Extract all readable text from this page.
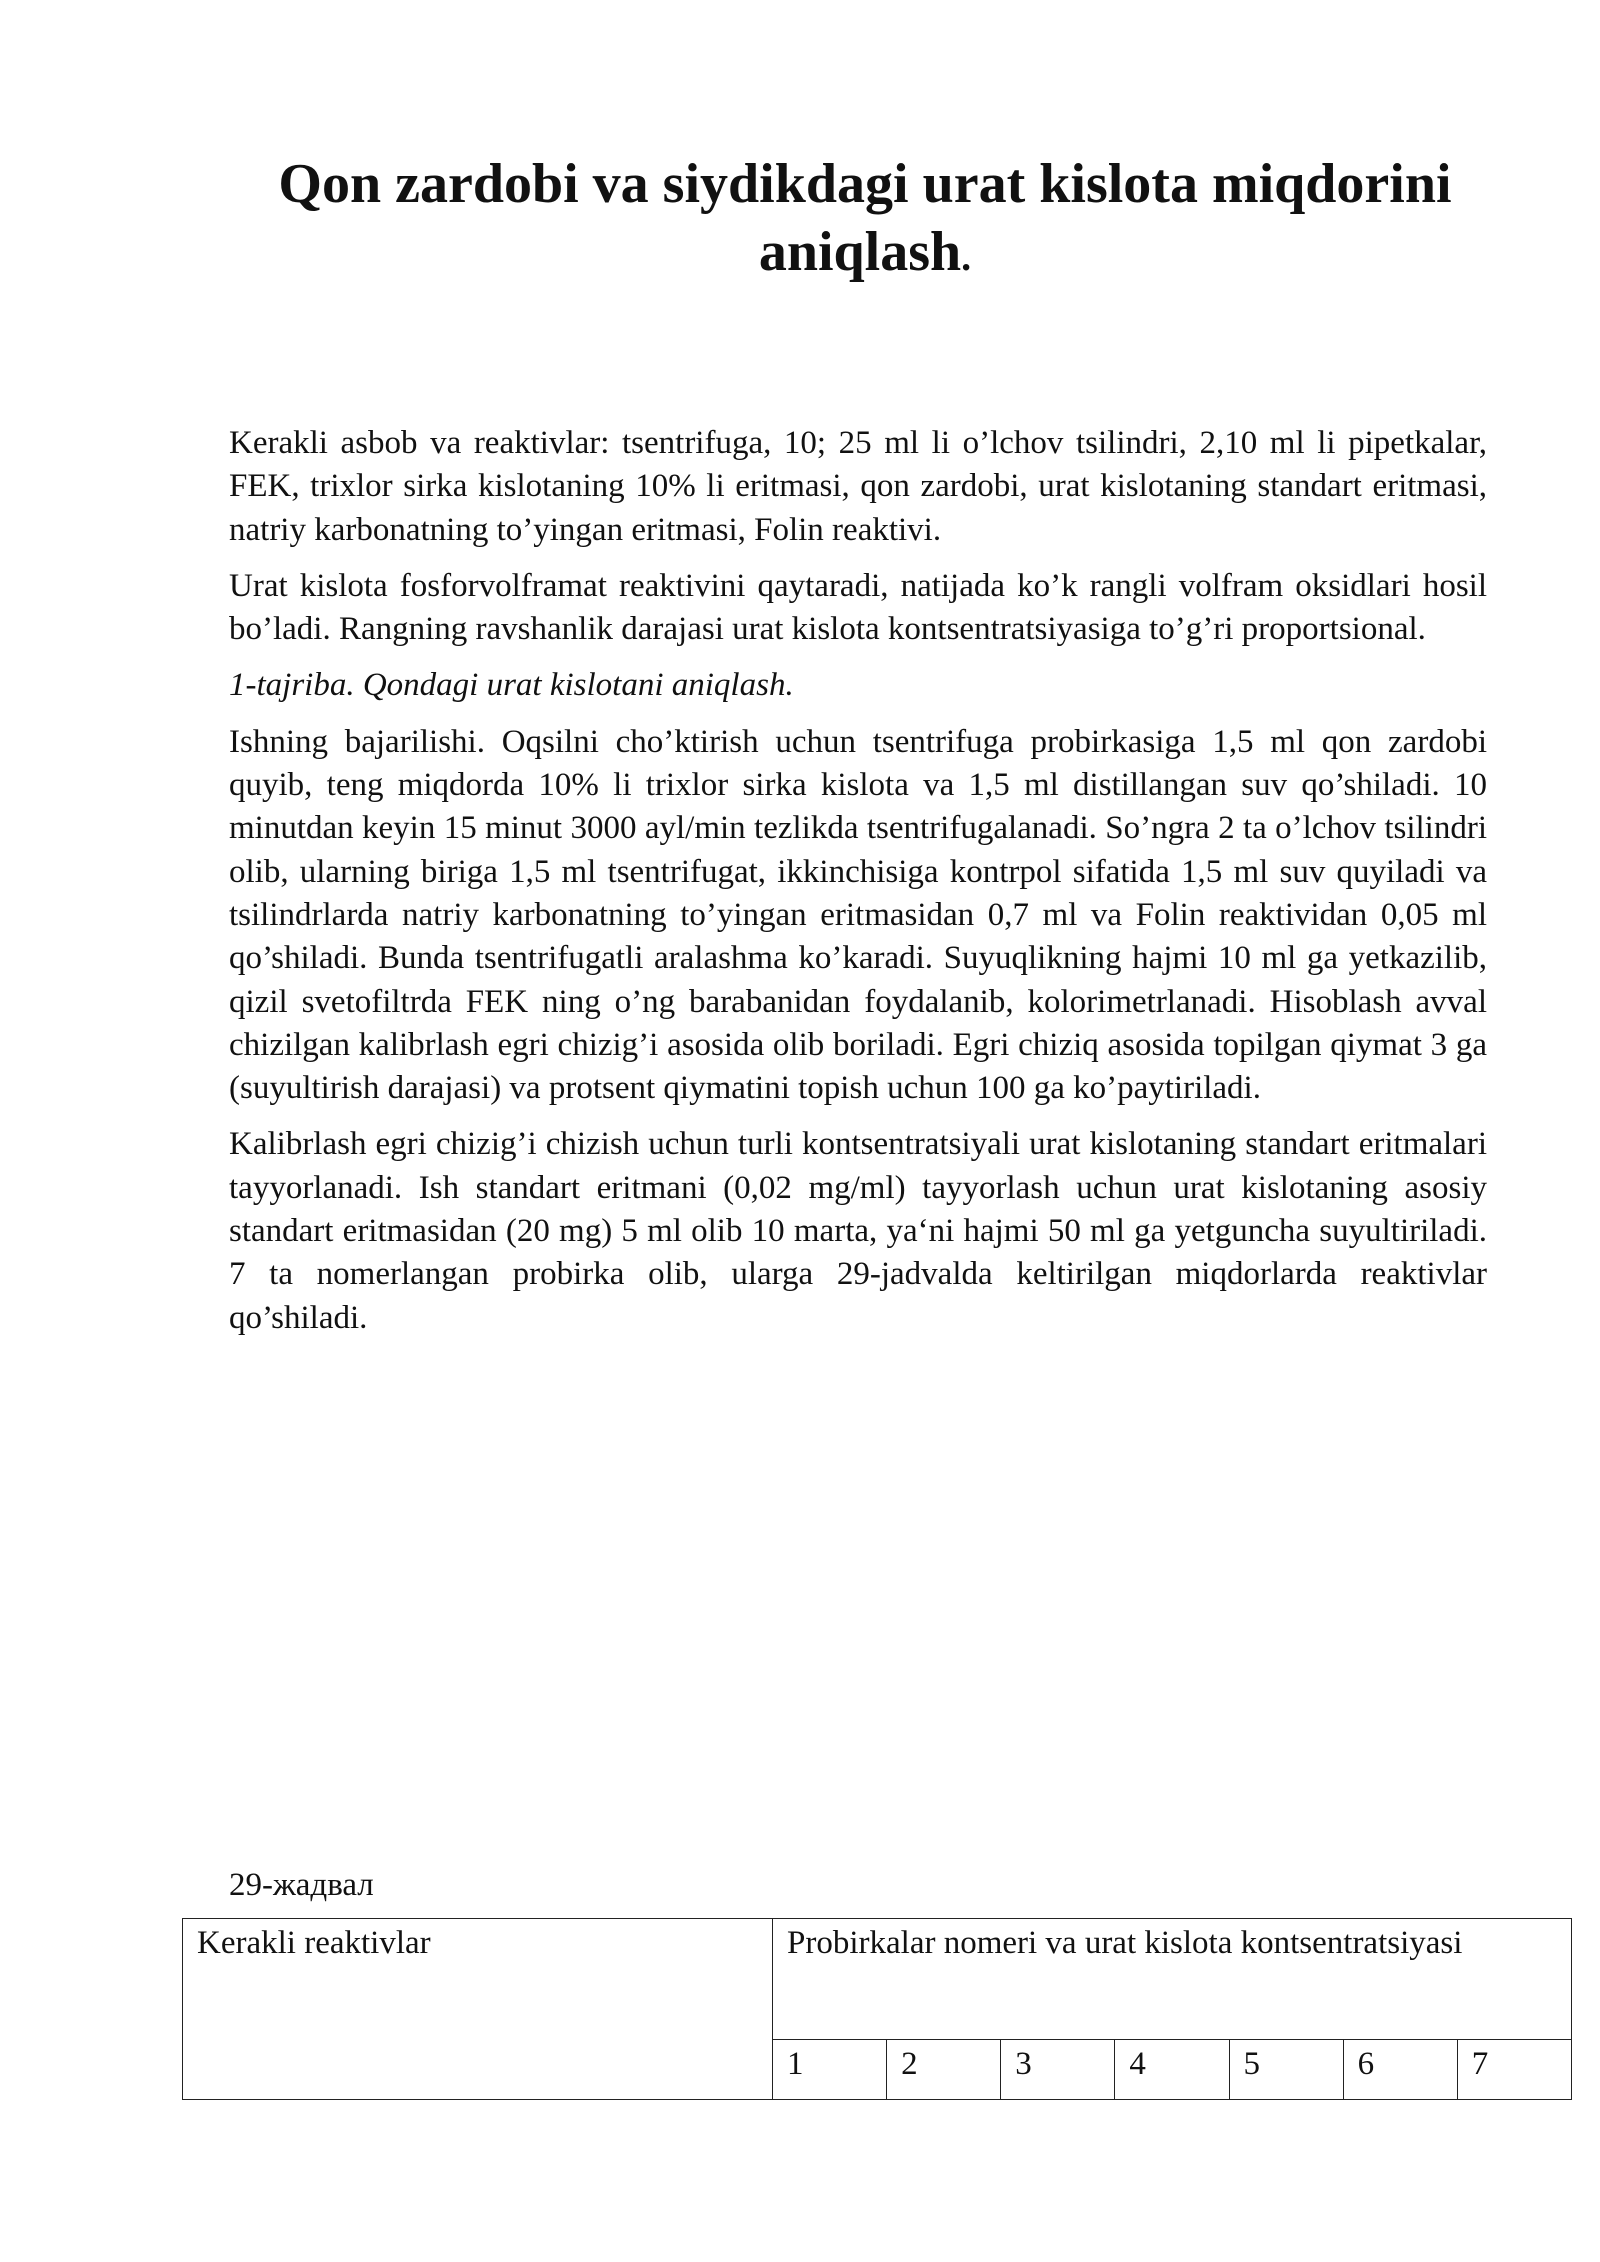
Qon zardobi va siydikdagi urat kislota miqdorini aniqlash.

Kerakli asbob va reaktivlar: tsentrifuga, 10; 25 ml li o’lchov tsilindri, 2,10 ml li pipetkalar, FEK, trixlor sirka kislotaning 10% li eritmasi, qon zardobi, urat kislotaning standart eritmasi, natriy karbonatning to’yingan eritmasi, Folin reaktivi.

Urat kislota fosforvolframat reaktivini qaytaradi, natijada ko’k rangli volfram oksidlari hosil bo’ladi. Rangning ravshanlik darajasi urat kislota kontsentratsiyasiga to’g’ri proportsional.

1-tajriba. Qondagi urat kislotani aniqlash.

Ishning bajarilishi. Oqsilni cho’ktirish uchun tsentrifuga probirkasiga 1,5 ml qon zardobi quyib, teng miqdorda 10% li trixlor sirka kislota va 1,5 ml distillangan suv qo’shiladi. 10 minutdan keyin 15 minut 3000 ayl/min tezlikda tsentrifugalanadi. So’ngra 2 ta o’lchov tsilindri olib, ularning biriga 1,5 ml tsentrifugat, ikkinchisiga kontrpol sifatida 1,5 ml suv quyiladi va tsilindrlarda natriy karbonatning to’yingan eritmasidan 0,7 ml va Folin reaktividan 0,05 ml qo’shiladi. Bunda tsentrifugatli aralashma ko’karadi. Suyuqlikning hajmi 10 ml ga yetkazilib, qizil svetofiltrda FEK ning o’ng barabanidan foydalanib, kolorimetrlanadi. Hisoblash avval chizilgan kalibrlash egri chizig’i asosida olib boriladi. Egri chiziq asosida topilgan qiymat 3 ga (suyultirish darajasi) va protsent qiymatini topish uchun 100 ga ko’paytiriladi.

Kalibrlash egri chizig’i chizish uchun turli kontsentratsiyali urat kislotaning standart eritmalari tayyorlanadi. Ish standart eritmani (0,02 mg/ml) tayyorlash uchun urat kislotaning asosiy standart eritmasidan (20 mg) 5 ml olib 10 marta, ya‘ni hajmi 50 ml ga yetguncha suyultiriladi. 7 ta nomerlangan probirka olib, ularga 29-jadvalda keltirilgan miqdorlarda reaktivlar qo’shiladi.

29-жадвал
Kerakli reaktivlar	Probirkalar nomeri va urat kislota kontsentratsiyasi						
	1	2	3	4	5	6	7
